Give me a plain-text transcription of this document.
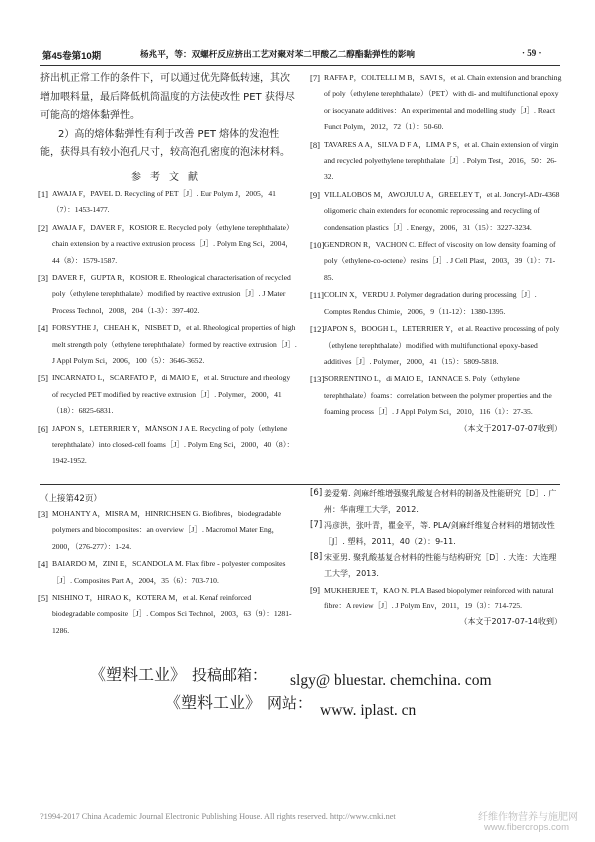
第45卷第10期	杨兆平，等：双螺杆反应挤出工艺对聚对苯二甲酸乙二醇酯黏弹性的影响	· 59 ·

挤出机正常工作的条件下，可以通过优先降低转速，其次增加喂料量，最后降低机筒温度的方法使改性 PET 获得尽可能高的熔体黏弹性。

2）高的熔体黏弹性有利于改善 PET 熔体的发泡性能，获得具有较小泡孔尺寸，较高泡孔密度的泡沫材料。

参考文献

[1] AWAJA F，PAVEL D. Recycling of PET［J］. Eur Polym J，2005，41（7）：1453-1477.

[2] AWAJA F，DAVER F，KOSIOR E. Recycled poly（ethylene terephthalate）chain extension by a reactive extrusion process［J］. Polym Eng Sci，2004，44（8）：1579-1587.

[3] DAVER F，GUPTA R，KOSIOR E. Rheological characterisation of recycled poly（ethylene terephthalate）modified by reactive extrusion［J］. J Mater Process Technol，2008，204（1-3）：397-402.

[4] FORSYTHE J，CHEAH K，NISBET D，et al. Rheological properties of high melt strength poly（ethylene terephthalate）formed by reactive extrusion［J］. J Appl Polym Sci，2006，100（5）：3646-3652.

[5] INCARNATO L，SCARFATO P，di MAIO E，et al. Structure and rheology of recycled PET modified by reactive extrusion［J］. Polymer，2000，41（18）：6825-6831.

[6] JAPON S，LETERRIER Y，MÅNSON J A E. Recycling of poly（ethylene terephthalate）into closed-cell foams［J］. Polym Eng Sci，2000，40（8）：1942-1952.

[7] RAFFA P，COLTELLI M B，SAVI S，et al. Chain extension and branching of poly（ethylene terephthalate）（PET）with di- and multifunctional epoxy or isocyanate additives：An experimental and modelling study［J］. React Funct Polym，2012，72（1）：50-60.

[8] TAVARES A A，SILVA D F A，LIMA P S，et al. Chain extension of virgin and recycled polyethylene terephthalate［J］. Polym Test，2016，50：26-32.

[9] VILLALOBOS M，AWOJULU A，GREELEY T，et al. Joncryl-ADr-4368 oligomeric chain extenders for economic reprocessing and recycling of condensation plastics［J］. Energy，2006，31（15）：3227-3234.

[10] GENDRON R，VACHON C. Effect of viscosity on low density foaming of poly（ethylene-co-octene）resins［J］. J Cell Plast，2003，39（1）：71-85.

[11] COLIN X，VERDU J. Polymer degradation during processing［J］. Comptes Rendus Chimie，2006，9（11-12）：1380-1395.

[12] JAPON S，BOOGH L，LETERRIER Y，et al. Reactive processing of poly（ethylene terephthalate）modified with multifunctional epoxy-based additives［J］. Polymer，2000，41（15）：5809-5818.

[13] SORRENTINO L，di MAIO E，IANNACE S. Poly（ethylene terephthalate）foams：correlation between the polymer properties and the foaming process［J］. J Appl Polym Sci，2010，116（1）：27-35.

（本文于2017-07-07收到）
（上接第42页）

[3] MOHANTY A，MISRA M，HINRICHSEN G. Biofibres，biodegradable polymers and biocomposites：an overview［J］. Macromol Mater Eng，2000，（276-277）：1-24.

[4] BAIARDO M，ZINI E，SCANDOLA M. Flax fibre - polyester composites［J］. Composites Part A，2004，35（6）：703-710.

[5] NISHINO T，HIRAO K，KOTERA M，et al. Kenaf reinforced biodegradable composite［J］. Compos Sci Technol，2003，63（9）：1281-1286.

[6] 姜爱菊. 剑麻纤维增强聚乳酸复合材料的制备及性能研究［D］. 广州：华南理工大学，2012.

[7] 冯彦洪，张叶青，瞿金平，等. PLA/剑麻纤维复合材料的增韧改性［J］. 塑料，2011，40（2）：9-11.

[8] 宋亚男. 聚乳酸基复合材料的性能与结构研究［D］. 大连：大连理工大学，2013.

[9] MUKHERJEE T，KAO N. PLA Based biopolymer reinforced with natural fibre：A review［J］. J Polym Env，2011，19（3）：714-725.

（本文于2017-07-14收到）
《塑料工业》 投稿邮箱： slgy@ bluestar. chemchina. com
《塑料工业》 网站： www. iplast. cn
?1994-2017 China Academic Journal Electronic Publishing House. All rights reserved. http://www.cnki.net	纤维作物营养与施肥网
www.fibercrops.com
